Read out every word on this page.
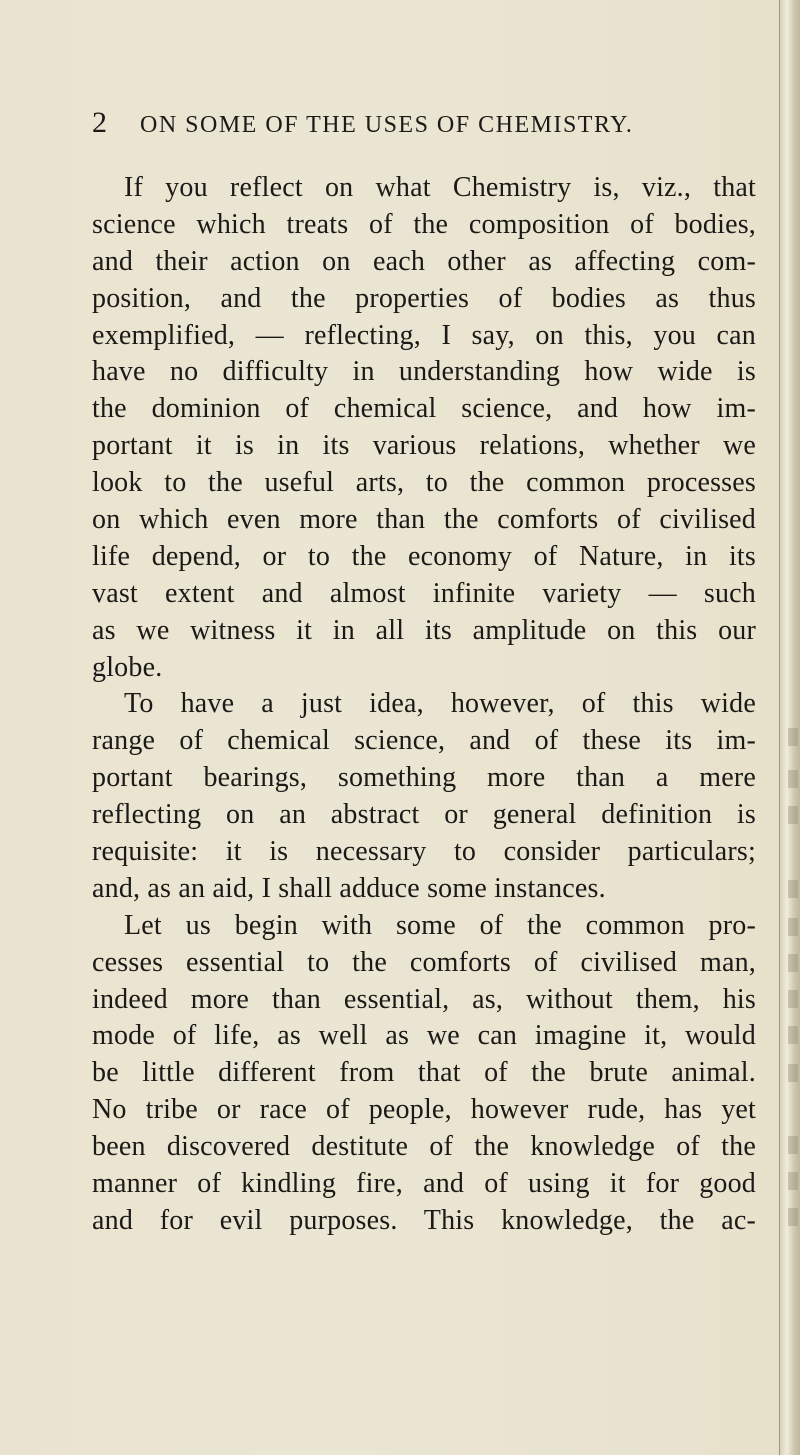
2	ON SOME OF THE USES OF CHEMISTRY.
If you reflect on what Chemistry is, viz., that
science which treats of the composition of bodies,
and their action on each other as affecting com-
position, and the properties of bodies as thus
exemplified, — reflecting, I say, on this, you can
have no difficulty in understanding how wide is
the dominion of chemical science, and how im-
portant it is in its various relations, whether we
look to the useful arts, to the common processes
on which even more than the comforts of civilised
life depend, or to the economy of Nature, in its
vast extent and almost infinite variety — such
as we witness it in all its amplitude on this our
globe.
To have a just idea, however, of this wide
range of chemical science, and of these its im-
portant bearings, something more than a mere
reflecting on an abstract or general definition is
requisite: it is necessary to consider particulars;
and, as an aid, I shall adduce some instances.
Let us begin with some of the common pro-
cesses essential to the comforts of civilised man,
indeed more than essential, as, without them, his
mode of life, as well as we can imagine it, would
be little different from that of the brute animal.
No tribe or race of people, however rude, has yet
been discovered destitute of the knowledge of the
manner of kindling fire, and of using it for good
and for evil purposes. This knowledge, the ac-
